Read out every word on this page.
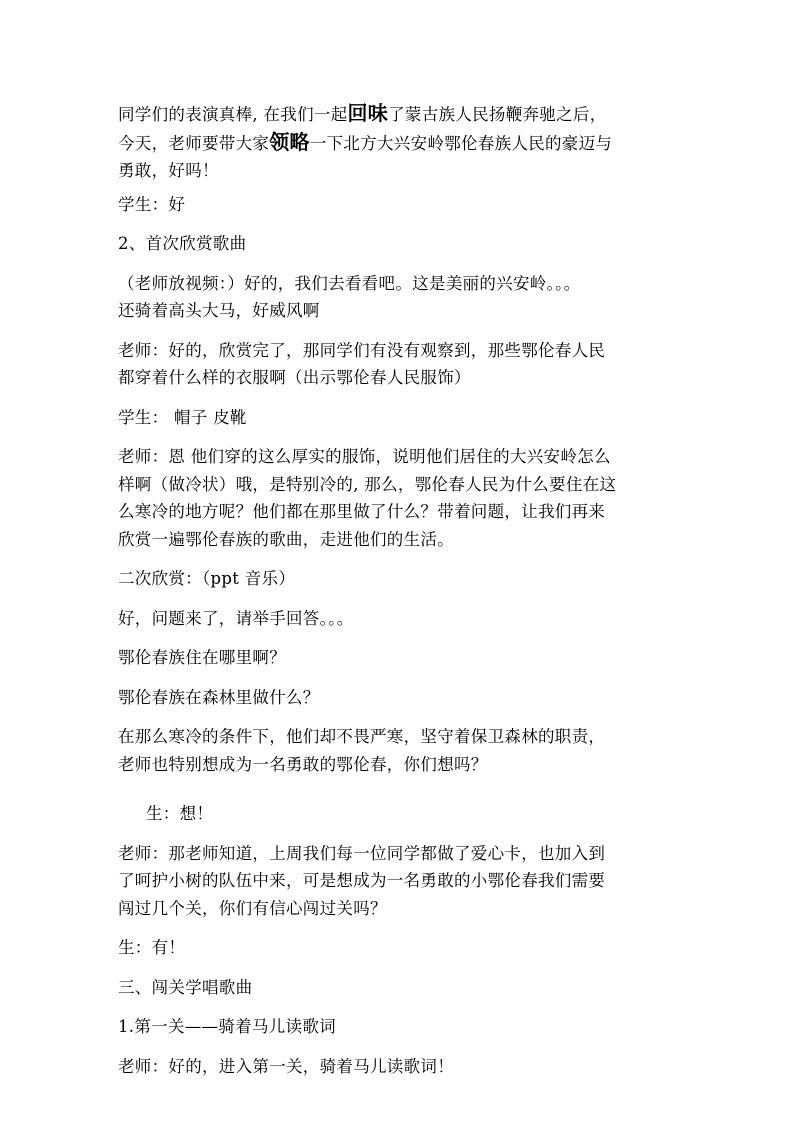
同学们的表演真棒, 在我们一起回味了蒙古族人民扬鞭奔驰之后，
今天，老师要带大家领略一下北方大兴安岭鄂伦春族人民的豪迈与
勇敢，好吗！

学生：好

2、首次欣赏歌曲

（老师放视频：）好的，我们去看看吧。这是美丽的兴安岭。。。
还骑着高头大马，好威风啊

老师：好的，欣赏完了，那同学们有没有观察到，那些鄂伦春人民
都穿着什么样的衣服啊（出示鄂伦春人民服饰）

学生： 帽子 皮靴

老师：恩 他们穿的这么厚实的服饰，说明他们居住的大兴安岭怎么
样啊（做冷状）哦，是特别冷的, 那么，鄂伦春人民为什么要住在这
么寒冷的地方呢？他们都在那里做了什么？带着问题，让我们再来
欣赏一遍鄂伦春族的歌曲，走进他们的生活。

二次欣赏：（ppt 音乐）

好，问题来了，请举手回答。。。

鄂伦春族住在哪里啊？

鄂伦春族在森林里做什么？

在那么寒冷的条件下，他们却不畏严寒，坚守着保卫森林的职责，
老师也特别想成为一名勇敢的鄂伦春，你们想吗？

生：想！

老师：那老师知道，上周我们每一位同学都做了爱心卡，也加入到
了呵护小树的队伍中来，可是想成为一名勇敢的小鄂伦春我们需要
闯过几个关，你们有信心闯过关吗？

生：有！

三、闯关学唱歌曲

1.第一关——骑着马儿读歌词

老师：好的，进入第一关，骑着马儿读歌词！
